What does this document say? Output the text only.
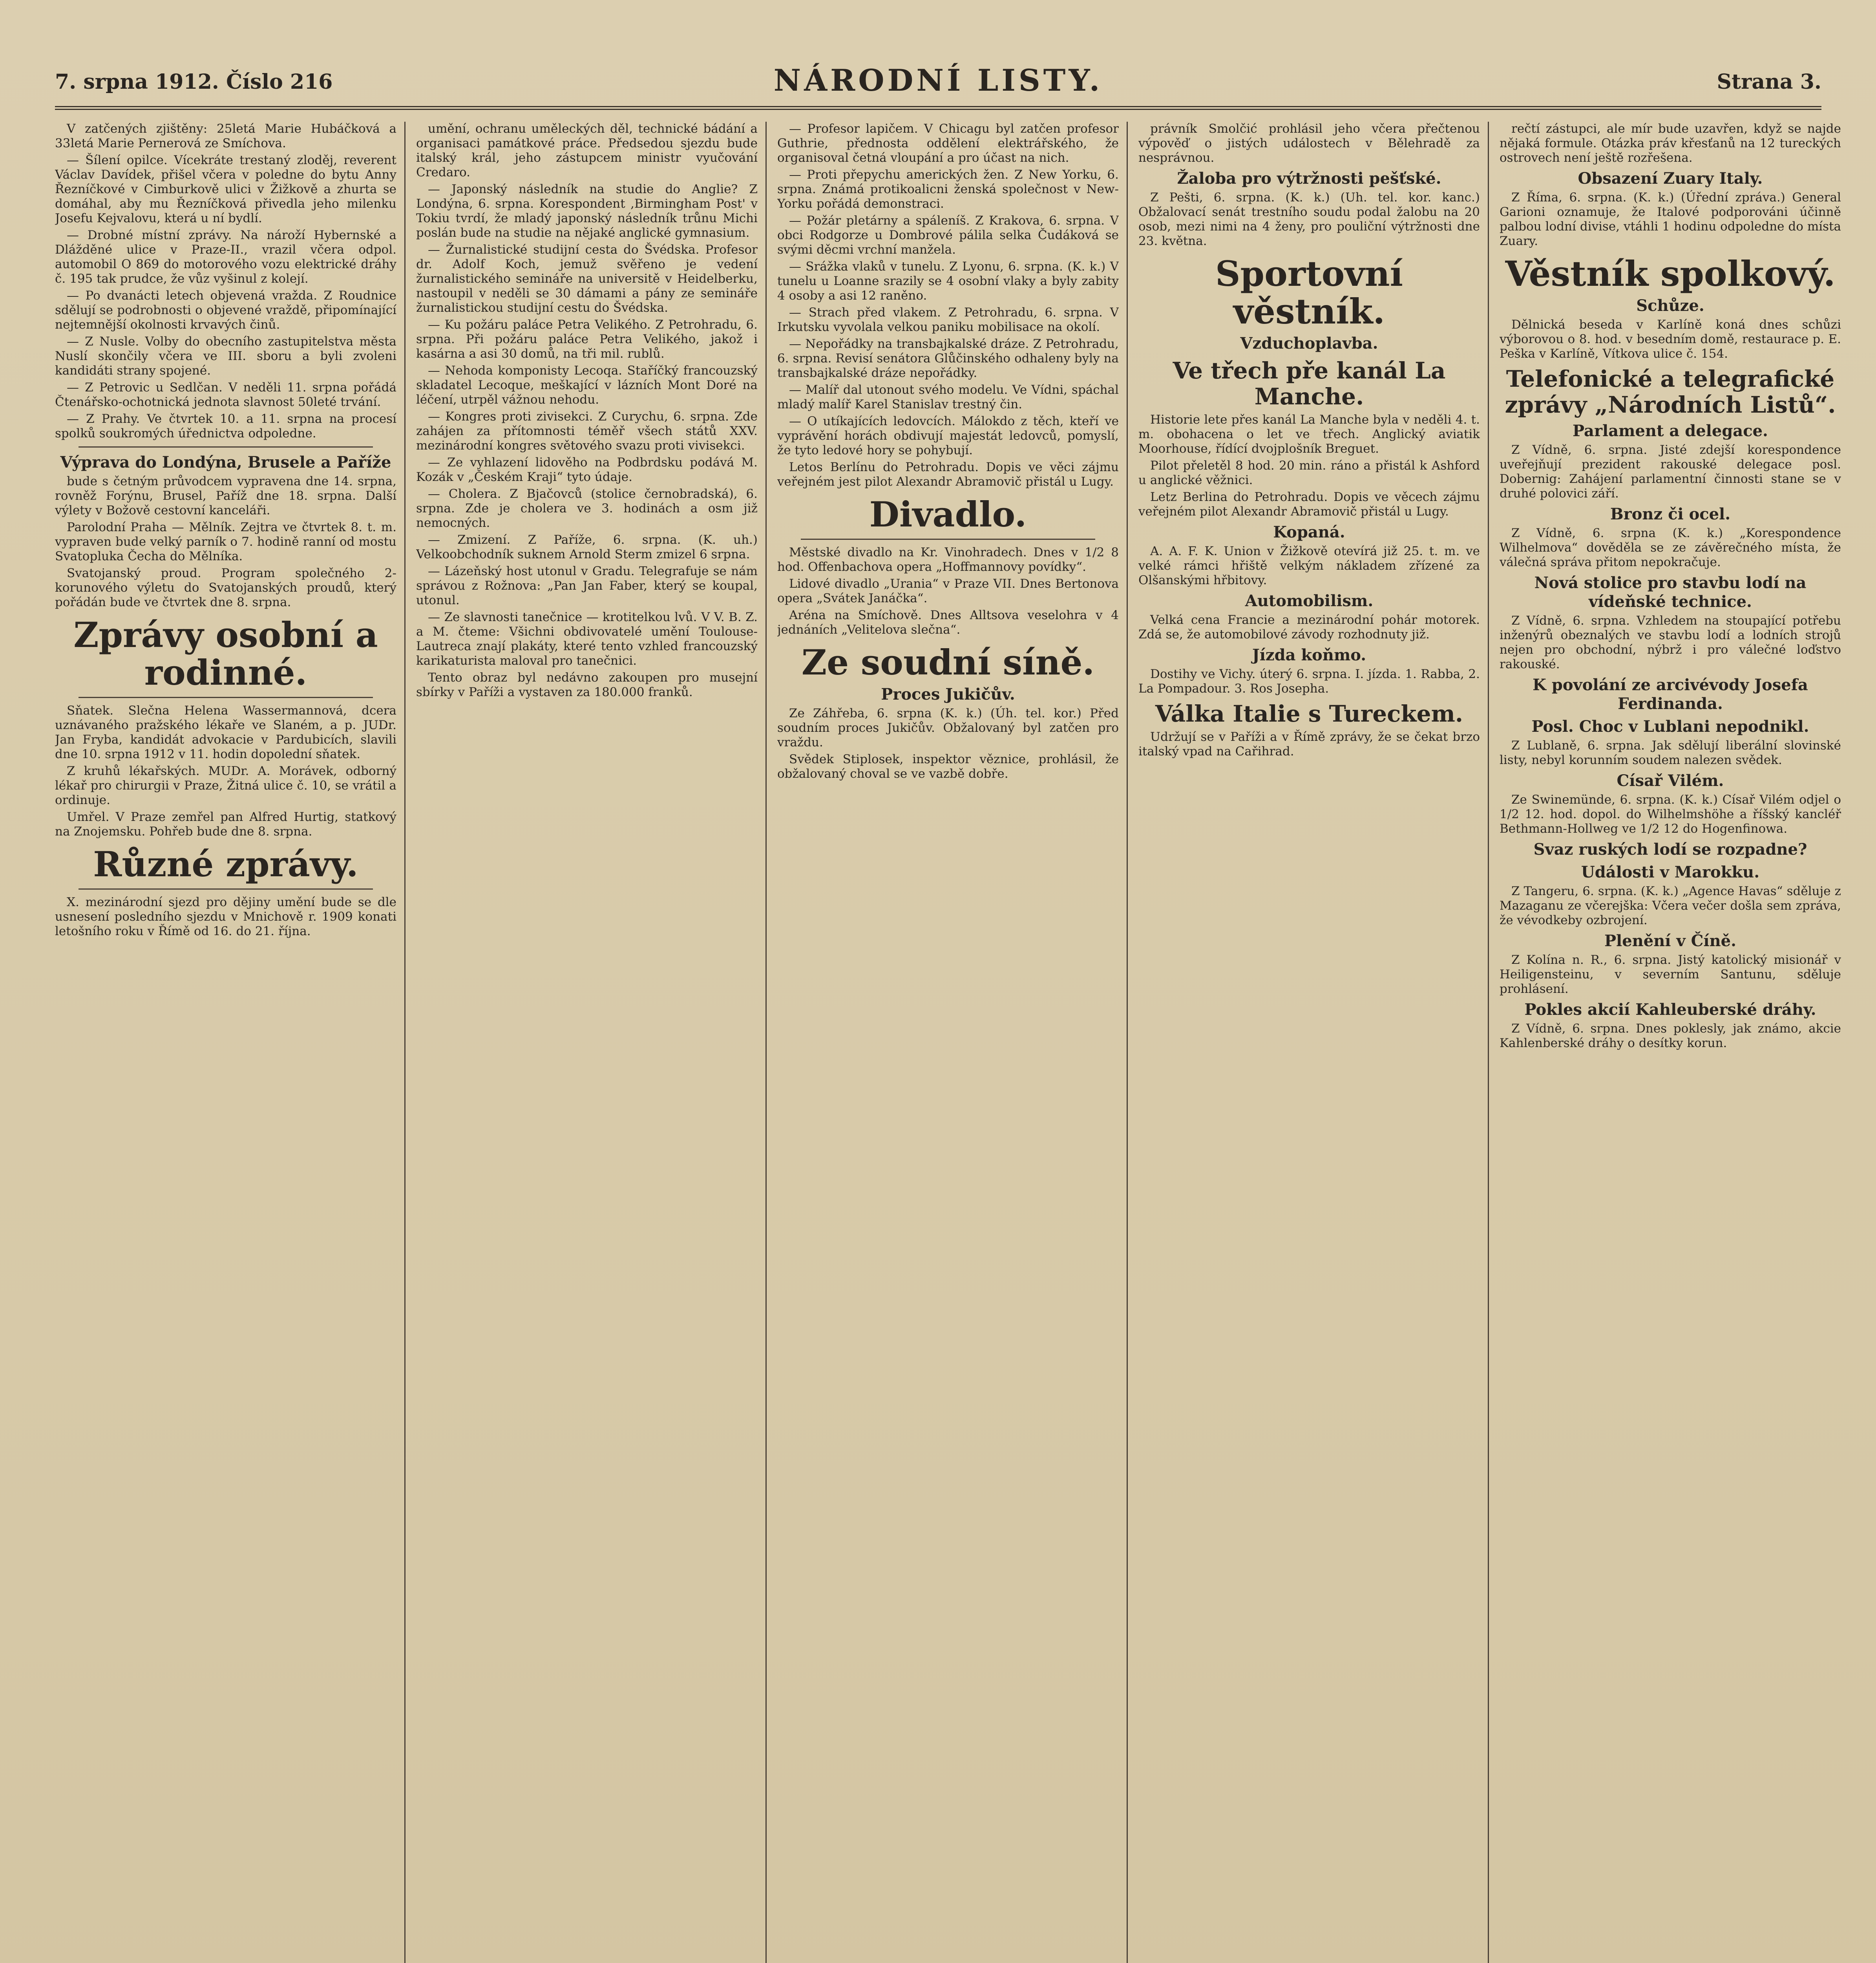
7. srpna 1912. Číslo 216	NÁRODNÍ LISTY.	Strana 3.

V zatčených zjištěny: 25letá Marie Hubáčková a 33letá Marie Pernerová ze Smíchova.

— Šílení opilce. Vícekráte trestaný zloděj, reverent Václav Davídek, přišel včera v poledne do bytu Anny Řezníčkové v Cimburkově ulici v Žižkově a zhurta se domáhal, aby mu Řezníčková přivedla jeho milenku Josefu Kejvalovu, která u ní bydlí.

— Drobné místní zprávy. Na nároží Hybernské a Dlážděné ulice v Praze-II., vrazil včera odpol. automobil O 869 do motorového vozu elektrické dráhy č. 195 tak prudce, že vůz vyšinul z kolejí.

— Po dvanácti letech objevená vražda. Z Roudnice sdělují se podrobnosti o objevené vraždě, připomínající nejtemnější okolnosti krvavých činů.

— Z Nusle. Volby do obecního zastupitelstva města Nuslí skončily včera ve III. sboru a byli zvoleni kandidáti strany spojené.

— Z Petrovic u Sedlčan. V neděli 11. srpna pořádá Čtenářsko-ochotnická jednota slavnost 50leté trvání.

— Z Prahy. Ve čtvrtek 10. a 11. srpna na procesí spolků soukromých úřednictva odpoledne.

Výprava do Londýna, Brusele a Paříže

bude s četným průvodcem vypravena dne 14. srpna, rovněž Forýnu, Brusel, Paříž dne 18. srpna. Další výlety v Božově cestovní kanceláři.

Parolodní Praha — Mělník. Zejtra ve čtvrtek 8. t. m. vypraven bude velký parník o 7. hodině ranní od mostu Svatopluka Čecha do Mělníka.

Svatojanský proud. Program společného 2-korunového výletu do Svatojanských proudů, který pořádán bude ve čtvrtek dne 8. srpna.

Zprávy osobní a rodinné.

Sňatek. Slečna Helena Wassermannová, dcera uznávaného pražského lékaře ve Slaném, a p. JUDr. Jan Fryba, kandidát advokacie v Pardubicích, slavili dne 10. srpna 1912 v 11. hodin dopolední sňatek.

Z kruhů lékařských. MUDr. A. Morávek, odborný lékař pro chirurgii v Praze, Žitná ulice č. 10, se vrátil a ordinuje.

Umřel. V Praze zemřel pan Alfred Hurtig, statkový na Znojemsku. Pohřeb bude dne 8. srpna.

Různé zprávy.

X. mezinárodní sjezd pro dějiny umění bude se dle usnesení posledního sjezdu v Mnichově r. 1909 konati letošního roku v Římě od 16. do 21. října.

umění, ochranu uměleckých děl, technické bádání a organisaci památkové práce. Předsedou sjezdu bude italský král, jeho zástupcem ministr vyučování Credaro.

— Japonský následník na studie do Anglie? Z Londýna, 6. srpna. Korespondent ,Birmingham Post' v Tokiu tvrdí, že mladý japonský následník trůnu Michi poslán bude na studie na nějaké anglické gymnasium.

— Žurnalistické studijní cesta do Švédska. Profesor dr. Adolf Koch, jemuž svěřeno je vedení žurnalistického semináře na universitě v Heidelberku, nastoupil v neděli se 30 dámami a pány ze semináře žurnalistickou studijní cestu do Švédska.

— Ku požáru paláce Petra Velikého. Z Petrohradu, 6. srpna. Při požáru paláce Petra Velikého, jakož i kasárna a asi 30 domů, na tři mil. rublů.

— Nehoda komponisty Lecoqa. Staříčký francouzský skladatel Lecoque, meškající v lázních Mont Doré na léčení, utrpěl vážnou nehodu.

— Kongres proti zivisekci. Z Curychu, 6. srpna. Zde zahájen za přítomnosti téměř všech států XXV. mezinárodní kongres světového svazu proti vivisekci.

— Ze vyhlazení lidověho na Podbrdsku podává M. Kozák v „Českém Kraji“ tyto údaje.

— Cholera. Z Bjačovců (stolice černobradská), 6. srpna. Zde je cholera ve 3. hodinách a osm již nemocných.

— Zmizení. Z Paříže, 6. srpna. (K. uh.) Velkoobchodník suknem Arnold Sterm zmizel 6 srpna.

— Lázeňský host utonul v Gradu. Telegrafuje se nám správou z Rožnova: „Pan Jan Faber, který se koupal, utonul.

— Ze slavnosti tanečnice — krotitelkou lvů. V V. B. Z. a M. čteme: Všichni obdivovatelé umění Toulouse-Lautreca znají plakáty, které tento vzhled francouzský karikaturista maloval pro tanečnici.

Tento obraz byl nedávno zakoupen pro musejní sbírky v Paříži a vystaven za 180.000 franků.

— Profesor lapičem. V Chicagu byl zatčen profesor Guthrie, přednosta oddělení elektrářského, že organisoval četná vloupání a pro účast na nich.

— Proti přepychu amerických žen. Z New Yorku, 6. srpna. Známá protikoalicni ženská společnost v New-Yorku pořádá demonstraci.

— Požár pletárny a spáleníš. Z Krakova, 6. srpna. V obci Rodgorze u Dombrové pálila selka Čudáková se svými děcmi vrchní manžela.

— Srážka vlaků v tunelu. Z Lyonu, 6. srpna. (K. k.) V tunelu u Loanne srazily se 4 osobní vlaky a byly zabity 4 osoby a asi 12 raněno.

— Strach před vlakem. Z Petrohradu, 6. srpna. V Irkutsku vyvolala velkou paniku mobilisace na okolí.

— Nepořádky na transbajkalské dráze. Z Petrohradu, 6. srpna. Revisí senátora Glůčinského odhaleny byly na transbajkalské dráze nepořádky.

— Malíř dal utonout svého modelu. Ve Vídni, spáchal mladý malíř Karel Stanislav trestný čin.

— O utíkajících ledovcích. Málokdo z těch, kteří ve vyprávění horách obdivují majestát ledovců, pomyslí, že tyto ledové hory se pohybují.

Letos Berlínu do Petrohradu. Dopis ve věci zájmu veřejném jest pilot Alexandr Abramovič přistál u Lugy.

Divadlo.

Městské divadlo na Kr. Vinohradech. Dnes v 1/2 8 hod. Offenbachova opera „Hoffmannovy povídky“.

Lidové divadlo „Urania“ v Praze VII. Dnes Bertonova opera „Svátek Janáčka“.

Aréna na Smíchově. Dnes Alltsova veselohra v 4 jednáních „Velitelova slečna“.

Ze soudní síně.
Proces Jukičův.

Ze Záhřeba, 6. srpna (K. k.) (Úh. tel. kor.) Před soudním proces Jukičův. Obžalovaný byl zatčen pro vraždu.

Svědek Stiplosek, inspektor věznice, prohlásil, že obžalovaný choval se ve vazbě dobře.

právník Smolčić prohlásil jeho včera přečtenou výpověď o jistých událostech v Bělehradě za nesprávnou.

Žaloba pro výtržnosti pešťské.

Z Pešti, 6. srpna. (K. k.) (Uh. tel. kor. kanc.) Obžalovací senát trestního soudu podal žalobu na 20 osob, mezi nimi na 4 ženy, pro pouliční výtržnosti dne 23. května.

Sportovní věstník.
Vzduchoplavba.
Ve třech pře kanál La Manche.

Historie lete přes kanál La Manche byla v neděli 4. t. m. obohacena o let ve třech. Anglický aviatik Moorhouse, řídící dvojplošník Breguet.

Pilot přeletěl 8 hod. 20 min. ráno a přistál k Ashford u anglické věžnici.

Letz Berlina do Petrohradu. Dopis ve věcech zájmu veřejném pilot Alexandr Abramovič přistál u Lugy.

Kopaná.

A. A. F. K. Union v Žižkově otevírá již 25. t. m. ve velké rámci hřiště velkým nákladem zřízené za Olšanskými hřbitovy.

Automobilism.

Velká cena Francie a mezinárodní pohár motorek. Zdá se, že automobilové závody rozhodnuty již.

Jízda koňmo.

Dostihy ve Vichy. úterý 6. srpna. I. jízda. 1. Rabba, 2. La Pompadour. 3. Ros Josepha.

Válka Italie s Tureckem.

Udržují se v Paříži a v Římě zprávy, že se čekat brzo italský vpad na Cařihrad.

rečtí zástupci, ale mír bude uzavřen, když se najde nějaká formule. Otázka práv křesťanů na 12 tureckých ostrovech není ještě rozřešena.

Obsazení Zuary Italy.

Z Říma, 6. srpna. (K. k.) (Úřední zpráva.) General Garioni oznamuje, že Italové podporováni účinně palbou lodní divise, vtáhli 1 hodinu odpoledne do místa Zuary.

Věstník spolkový.
Schůze.

Dělnická beseda v Karlíně koná dnes schůzi výborovou o 8. hod. v besedním domě, restaurace p. E. Peška v Karlíně, Vítkova ulice č. 154.

Telefonické a telegrafické zprávy „Národních Listů“.
Parlament a delegace.

Z Vídně, 6. srpna. Jisté zdejší korespondence uveřejňují prezident rakouské delegace posl. Dobernig: Zahájení parlamentní činnosti stane se v druhé polovici září.

Bronz či ocel.

Z Vídně, 6. srpna (K. k.) „Korespondence Wilhelmova“ dověděla se ze závěrečného místa, že válečná správa přitom nepokračuje.

Nová stolice pro stavbu lodí na vídeňské technice.

Z Vídně, 6. srpna. Vzhledem na stoupající potřebu inženýrů obeznalých ve stavbu lodí a lodních strojů nejen pro obchodní, nýbrž i pro válečné loďstvo rakouské.

K povolání ze arcivévody Josefa Ferdinanda.
Posl. Choc v Lublani nepodnikl.

Z Lublaně, 6. srpna. Jak sdělují liberální slovinské listy, nebyl korunním soudem nalezen svědek.

Císař Vilém.

Ze Swinemünde, 6. srpna. (K. k.) Císař Vilém odjel o 1/2 12. hod. dopol. do Wilhelmshöhe a říšský kancléř Bethmann-Hollweg ve 1/2 12 do Hogenfinowa.

Svaz ruských lodí se rozpadne?
Události v Marokku.

Z Tangeru, 6. srpna. (K. k.) „Agence Havas“ sděluje z Mazaganu ze včerejška: Včera večer došla sem zpráva, že vévodkeby ozbrojení.

Plenění v Číně.

Z Kolína n. R., 6. srpna. Jistý katolický misionář v Heiligensteinu, v severním Santunu, sděluje prohlásení.

Pokles akcií Kahleuberské dráhy.

Z Vídně, 6. srpna. Dnes poklesly, jak známo, akcie Kahlenberské dráhy o desítky korun.
